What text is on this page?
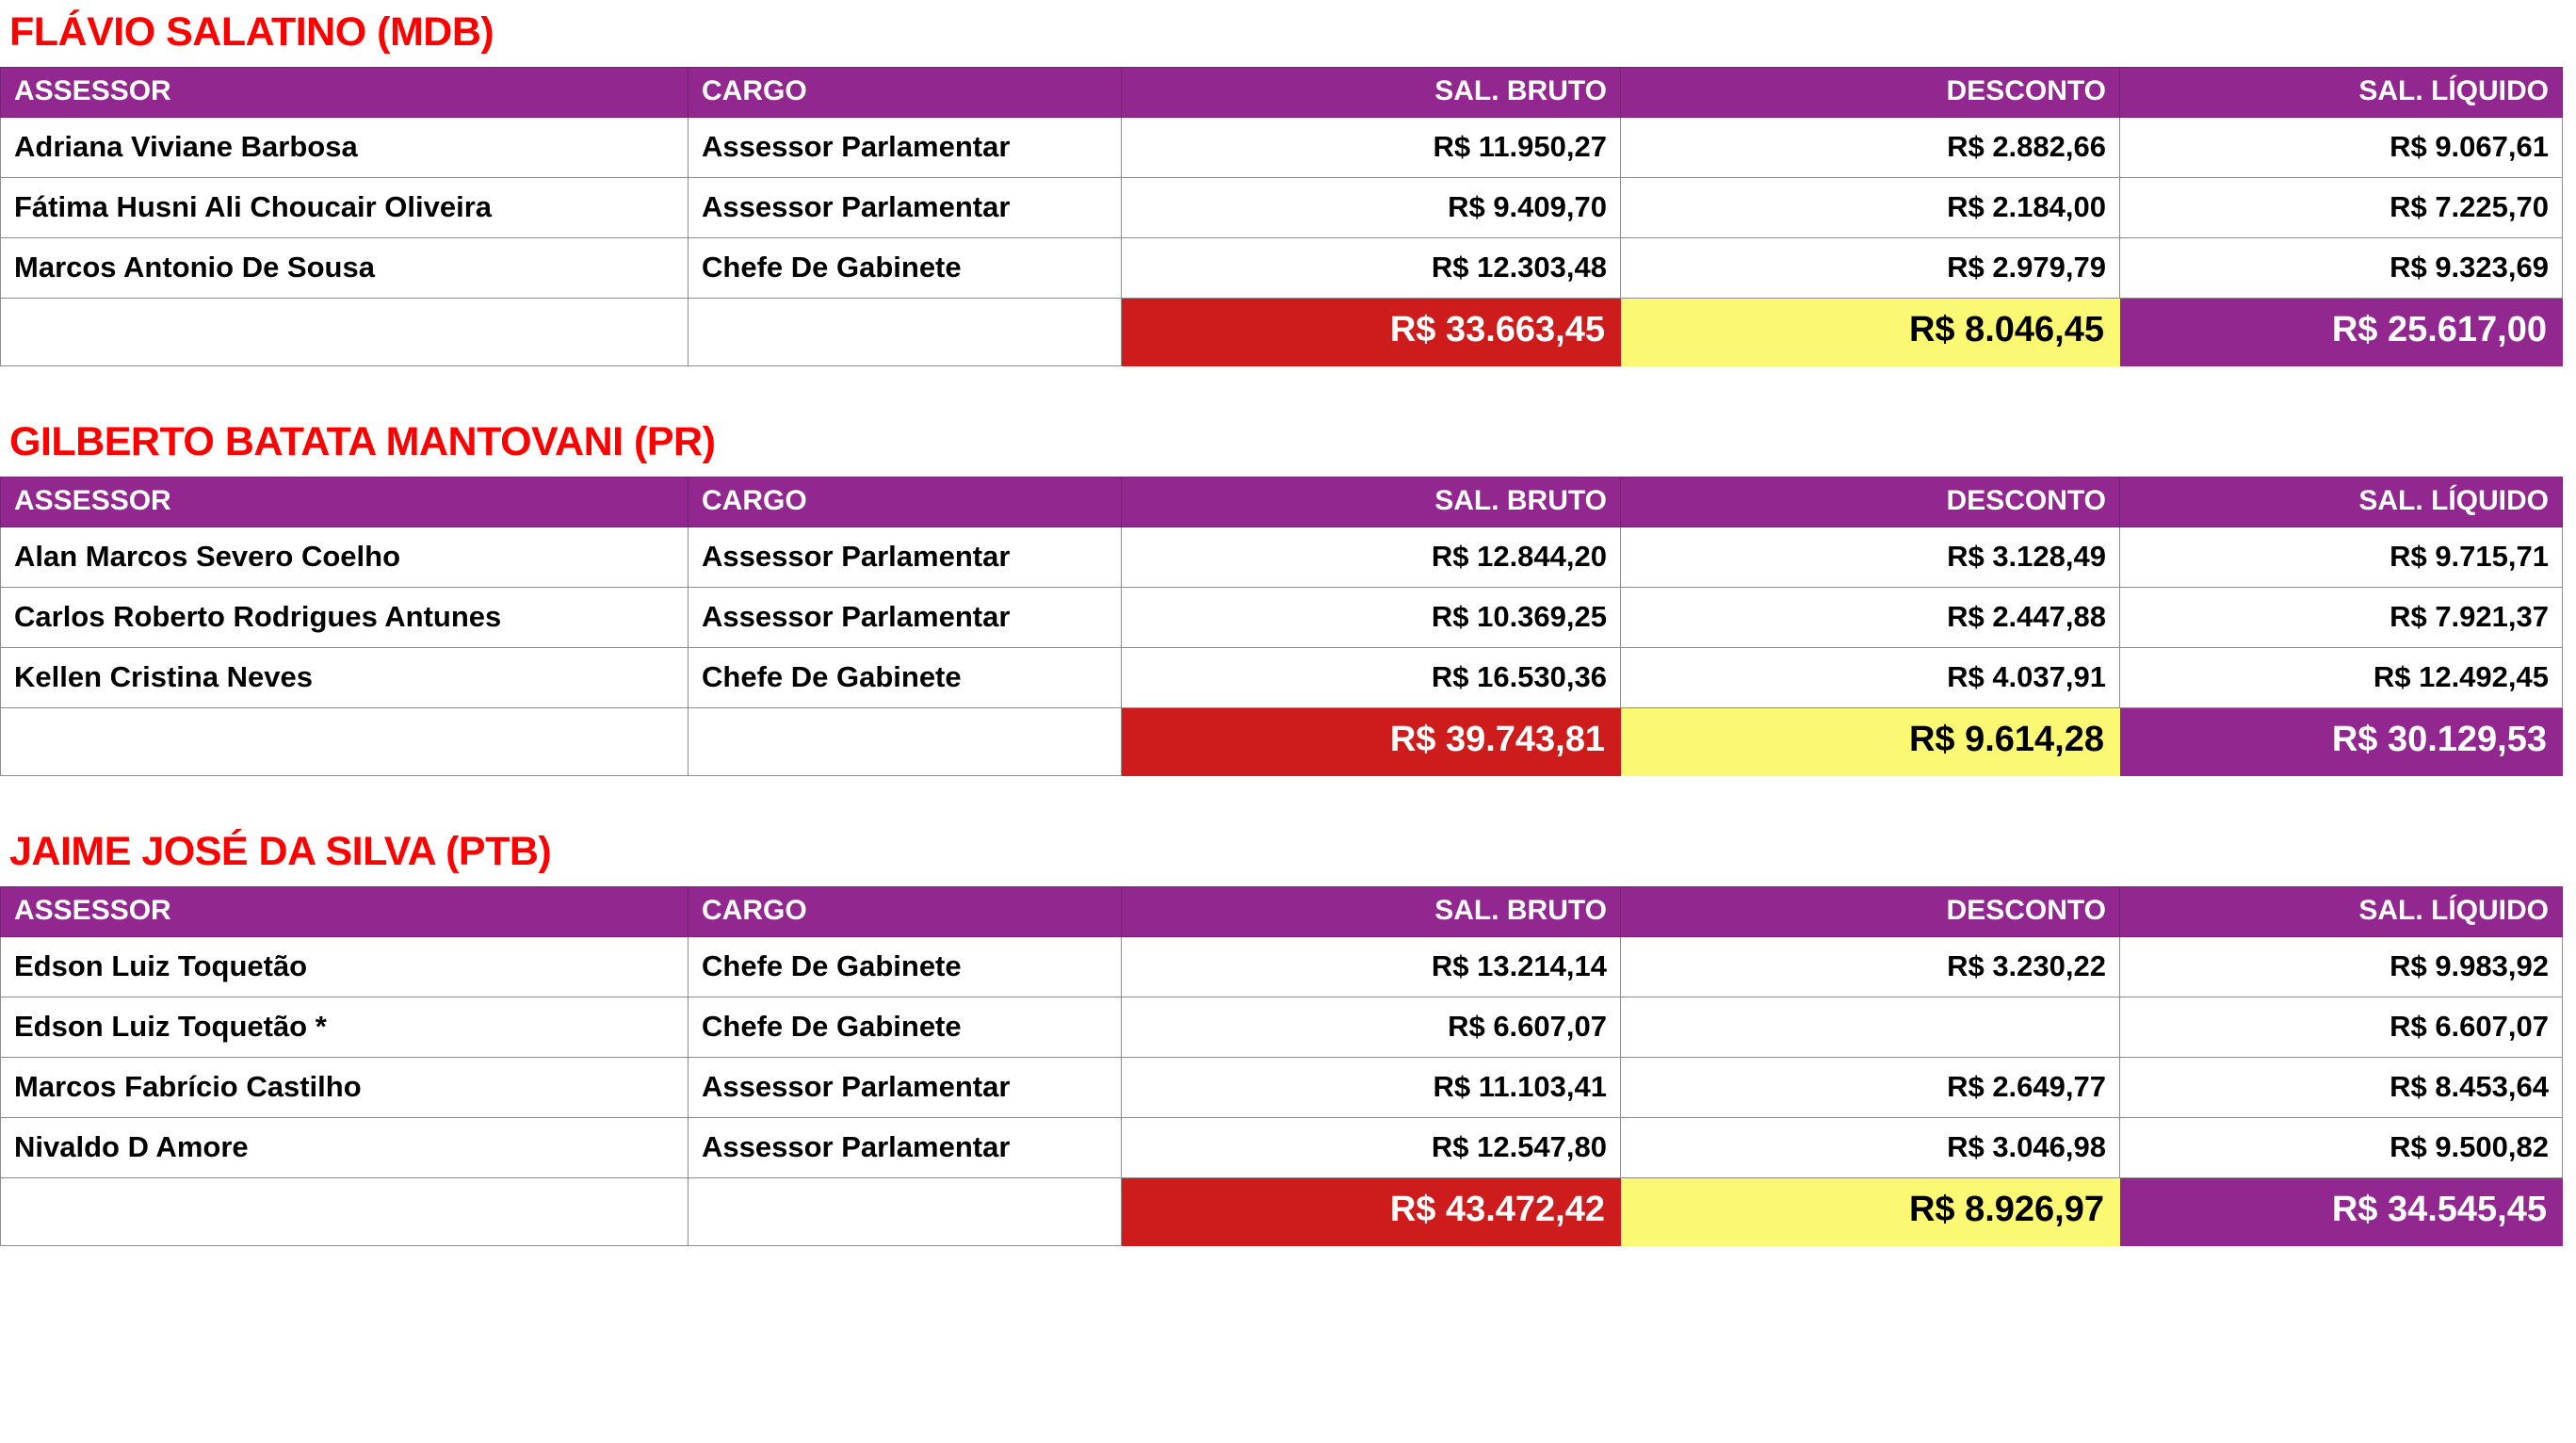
FLÁVIO SALATINO (MDB)
ASSESSOR	CARGO	SAL. BRUTO	DESCONTO	SAL. LÍQUIDO
Adriana Viviane Barbosa	Assessor Parlamentar	R$ 11.950,27	R$ 2.882,66	R$ 9.067,61
Fátima Husni Ali Choucair Oliveira	Assessor Parlamentar	R$ 9.409,70	R$ 2.184,00	R$ 7.225,70
Marcos Antonio De Sousa	Chefe De Gabinete	R$ 12.303,48	R$ 2.979,79	R$ 9.323,69
		R$ 33.663,45	R$ 8.046,45	R$ 25.617,00
GILBERTO BATATA MANTOVANI (PR)
ASSESSOR	CARGO	SAL. BRUTO	DESCONTO	SAL. LÍQUIDO
Alan Marcos Severo Coelho	Assessor Parlamentar	R$ 12.844,20	R$ 3.128,49	R$ 9.715,71
Carlos Roberto Rodrigues Antunes	Assessor Parlamentar	R$ 10.369,25	R$ 2.447,88	R$ 7.921,37
Kellen Cristina Neves	Chefe De Gabinete	R$ 16.530,36	R$ 4.037,91	R$ 12.492,45
		R$ 39.743,81	R$ 9.614,28	R$ 30.129,53
JAIME JOSÉ DA SILVA (PTB)
ASSESSOR	CARGO	SAL. BRUTO	DESCONTO	SAL. LÍQUIDO
Edson Luiz Toquetão	Chefe De Gabinete	R$ 13.214,14	R$ 3.230,22	R$ 9.983,92
Edson Luiz Toquetão *	Chefe De Gabinete	R$ 6.607,07		R$ 6.607,07
Marcos Fabrício Castilho	Assessor Parlamentar	R$ 11.103,41	R$ 2.649,77	R$ 8.453,64
Nivaldo D Amore	Assessor Parlamentar	R$ 12.547,80	R$ 3.046,98	R$ 9.500,82
		R$ 43.472,42	R$ 8.926,97	R$ 34.545,45
